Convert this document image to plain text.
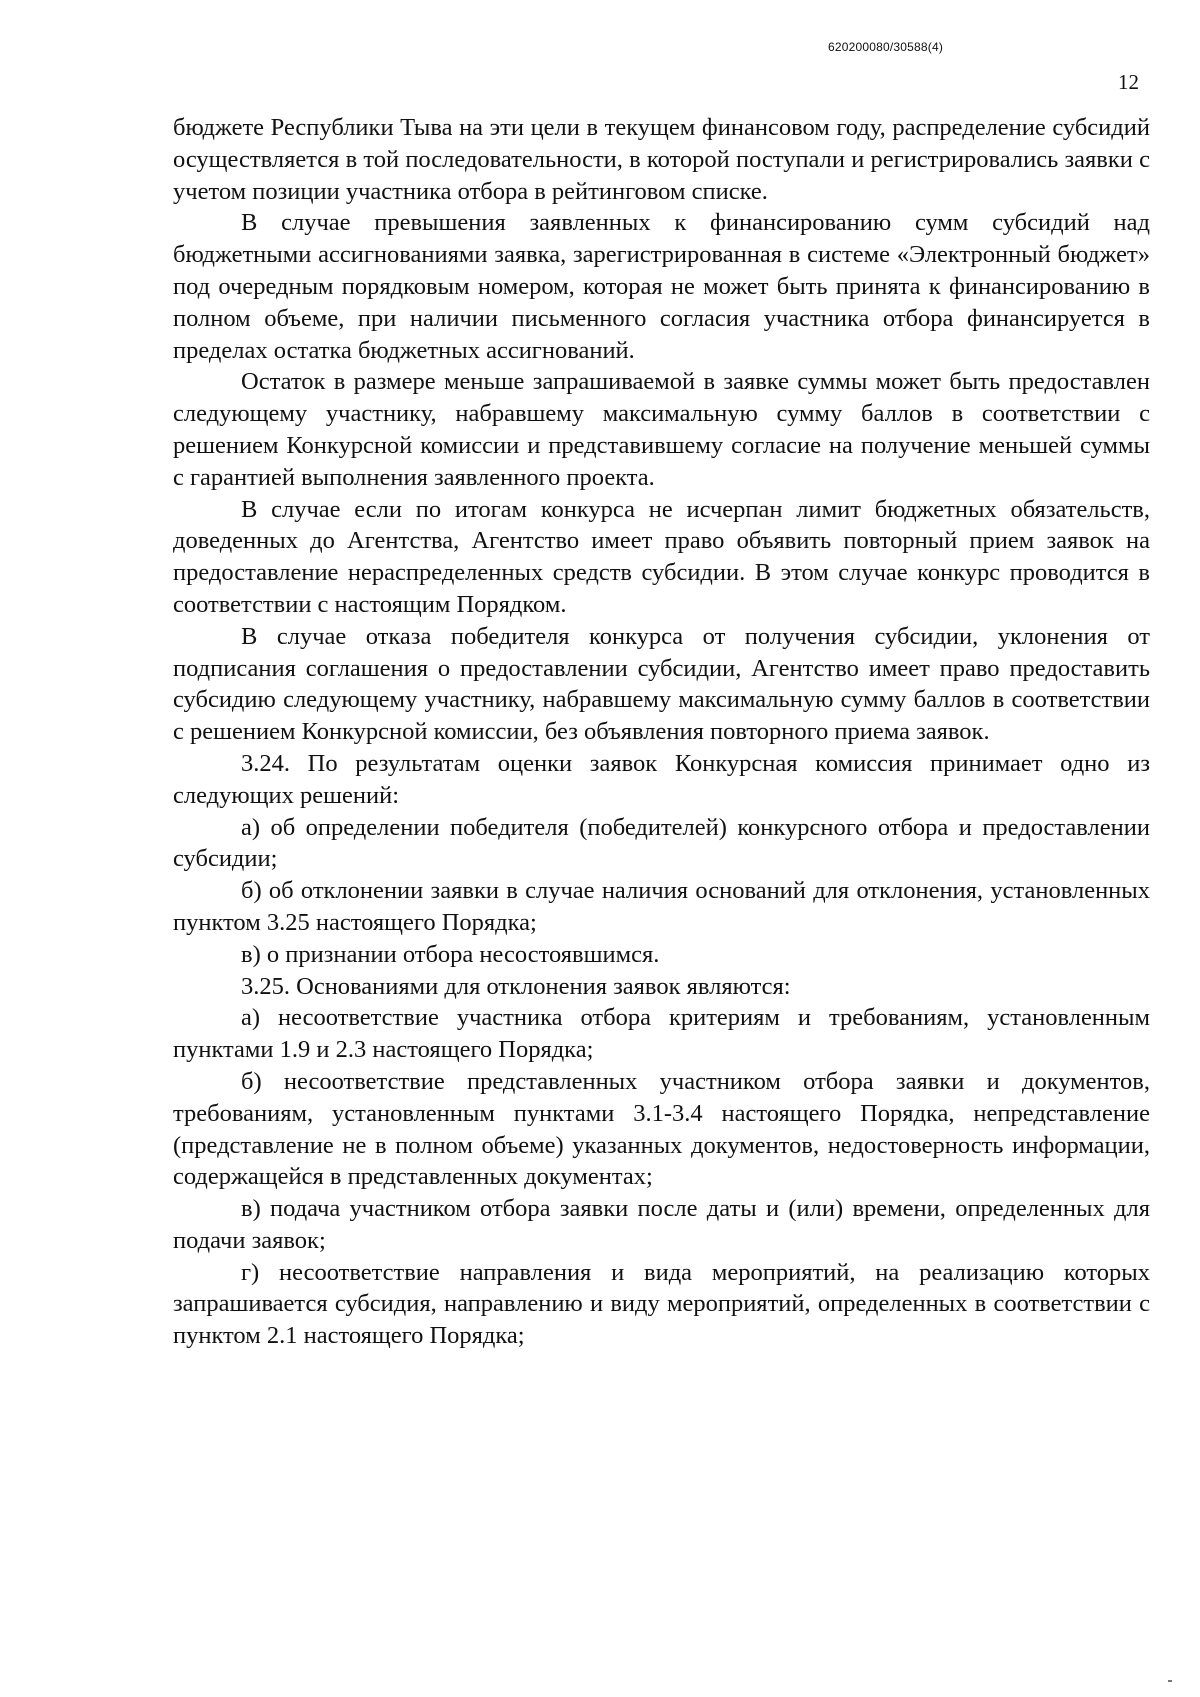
620200080/30588(4)
12

бюджете Республики Тыва на эти цели в текущем финансовом году, распределение субсидий осуществляется в той последовательности, в которой поступали и регистрировались заявки с учетом позиции участника отбора в рейтинговом списке.

В случае превышения заявленных к финансированию сумм субсидий над бюджетными ассигнованиями заявка, зарегистрированная в системе «Электронный бюджет» под очередным порядковым номером, которая не может быть принята к финансированию в полном объеме, при наличии письменного согласия участника отбора финансируется в пределах остатка бюджетных ассигнований.

Остаток в размере меньше запрашиваемой в заявке суммы может быть предоставлен следующему участнику, набравшему максимальную сумму баллов в соответствии с решением Конкурсной комиссии и представившему согласие на получение меньшей суммы с гарантией выполнения заявленного проекта.

В случае если по итогам конкурса не исчерпан лимит бюджетных обязательств, доведенных до Агентства, Агентство имеет право объявить повторный прием заявок на предоставление нераспределенных средств субсидии. В этом случае конкурс проводится в соответствии с настоящим Порядком.

В случае отказа победителя конкурса от получения субсидии, уклонения от подписания соглашения о предоставлении субсидии, Агентство имеет право предоставить субсидию следующему участнику, набравшему максимальную сумму баллов в соответствии с решением Конкурсной комиссии, без объявления повторного приема заявок.

3.24. По результатам оценки заявок Конкурсная комиссия принимает одно из следующих решений:

а) об определении победителя (победителей) конкурсного отбора и предоставлении субсидии;

б) об отклонении заявки в случае наличия оснований для отклонения, установленных пунктом 3.25 настоящего Порядка;

в) о признании отбора несостоявшимся.

3.25. Основаниями для отклонения заявок являются:

а) несоответствие участника отбора критериям и требованиям, установленным пунктами 1.9 и 2.3 настоящего Порядка;

б) несоответствие представленных участником отбора заявки и документов, требованиям, установленным пунктами 3.1-3.4 настоящего Порядка, непредставление (представление не в полном объеме) указанных документов, недостоверность информации, содержащейся в представленных документах;

в) подача участником отбора заявки после даты и (или) времени, определенных для подачи заявок;

г) несоответствие направления и вида мероприятий, на реализацию которых запрашивается субсидия, направлению и виду мероприятий, определенных в соответствии с пунктом 2.1 настоящего Порядка;
